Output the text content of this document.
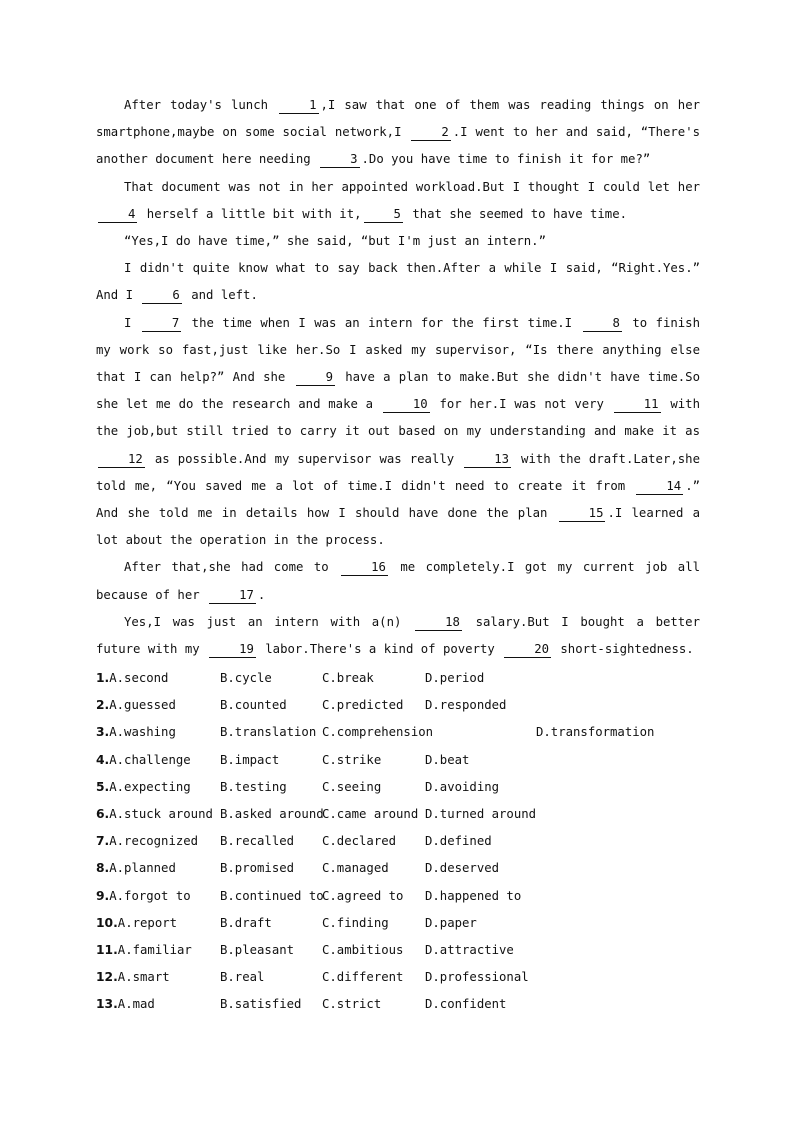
After today's lunch	1 ,I saw that one of them was reading things on her smartphone,maybe on some social network,I	2 .I went to her and said, “There's another document here needing	3 .Do you have time to finish it for me?”

That document was not in her appointed workload.But I thought I could let her 4 herself a little bit with it,	5 that she seemed to have time.

“Yes,I do have time,” she said, “but I'm just an intern.”

I didn't quite know what to say back then.After a while I said, “Right.Yes.” And I	6 and left.

I	7 the time when I was an intern for the first time.I	8 to finish my work so fast,just like her.So I asked my supervisor, “Is there anything else that I can help?” And she	9 have a plan to make.But she didn't have time.So she let me do the research and make a	10 for her.I was not very	11 with the job,but still tried to carry it out based on my understanding and make it as 12 as possible.And my supervisor was really	13 with the draft.Later,she told me, “You saved me a lot of time.I didn't need to create it from	14 .” And she told me in details how I should have done the plan	15 .I learned a lot about the operation in the process.

After that,she had come to	16 me completely.I got my current job all because of her	17 .

Yes,I was just an intern with a(n)	18 salary.But I bought a better future with my	19 labor.There's a kind of poverty	20 short-sightedness.

1.A.second	B.cycle	C.break	D.period
2.A.guessed	B.counted	C.predicted D.responded
3.A.washing	B.translation C.comprehension	D.transformation
4.A.challenge B.impact	C.strike	D.beat
5.A.expecting B.testing	C.seeing	D.avoiding
6.A.stuck around B.asked around
C.came around D.turned around
7.A.recognized B.recalled C.declared D.defined
8.A.planned	B.promised C.managed	D.deserved
9.A.forgot to B.continued to
C.agreed to D.happened to
10.A.report	B.draft	C.finding	D.paper
11.A.familiar B.pleasant C.ambitious D.attractive
12.A.smart	B.real	C.different D.professional
13.A.mad	B.satisfied C.strict	D.confident
